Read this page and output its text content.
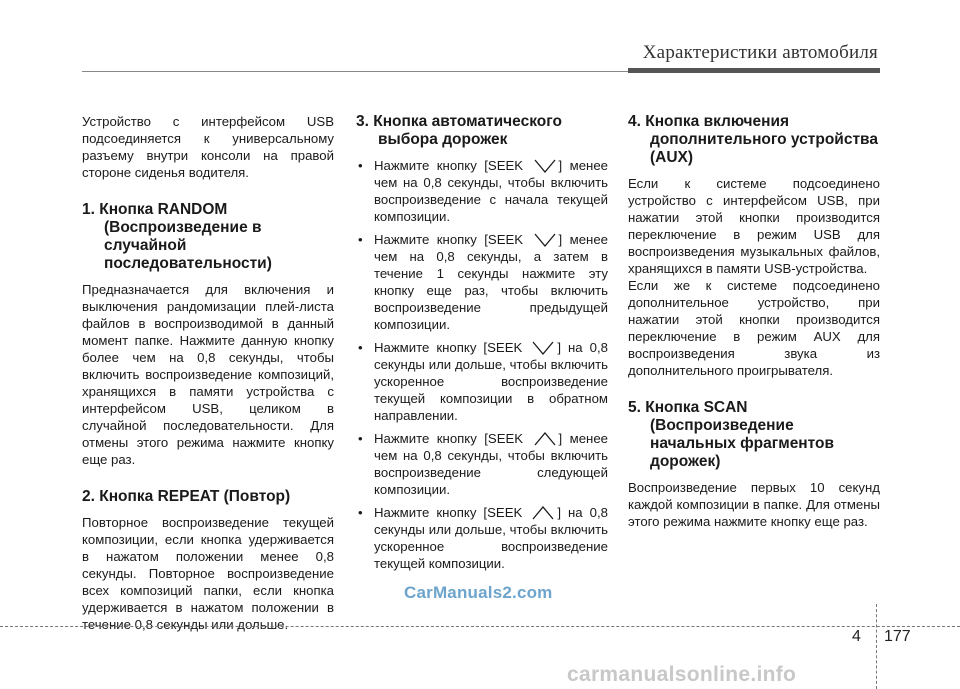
Характеристики автомобиля

Устройство с интерфейсом USB подсоединяется к универсальному разъему внутри консоли на правой стороне сиденья водителя.

1. Кнопка RANDOM (Воспроизведение в случайной последовательности)

Предназначается для включения и выключения рандомизации плей-листа файлов в воспроизводимой в данный момент папке. Нажмите данную кнопку более чем на 0,8 секунды, чтобы включить воспроизведение композиций, хранящихся в памяти устройства с интерфейсом USB, целиком в случайной последовательности. Для отмены этого режима нажмите кнопку еще раз.

2. Кнопка REPEAT (Повтор)

Повторное воспроизведение текущей композиции, если кнопка удерживается в нажатом положении менее 0,8 секунды. Повторное воспроизведение всех композиций папки, если кнопка удерживается в нажатом положении в течение 0,8 секунды или дольше.

3. Кнопка автоматического выбора дорожек
• Нажмите кнопку [SEEK ] менее чем на 0,8 секунды, чтобы включить воспроизведение с начала текущей композиции.
• Нажмите кнопку [SEEK ] менее чем на 0,8 секунды, а затем в течение 1 секунды нажмите эту кнопку еще раз, чтобы включить воспроизведение предыдущей композиции.
• Нажмите кнопку [SEEK ] на 0,8 секунды или дольше, чтобы включить ускоренное воспроизведение текущей композиции в обратном направлении.
• Нажмите кнопку [SEEK ] менее чем на 0,8 секунды, чтобы включить воспроизведение следующей композиции.
• Нажмите кнопку [SEEK ] на 0,8 секунды или дольше, чтобы включить ускоренное воспроизведение текущей композиции.
4. Кнопка включения дополнительного устройства (AUX)

Если к системе подсоединено устройство с интерфейсом USB, при нажатии этой кнопки производится переключение в режим USB для воспроизведения музыкальных файлов, хранящихся в памяти USB-устройства.

Если же к системе подсоединено дополнительное устройство, при нажатии этой кнопки производится переключение в режим AUX для воспроизведения звука из дополнительного проигрывателя.

5. Кнопка SCAN (Воспроизведение начальных фрагментов дорожек)

Воспроизведение первых 10 секунд каждой композиции в папке. Для отмены этого режима нажмите кнопку еще раз.

CarManuals2.com
4 177
carmanualsonline.info
